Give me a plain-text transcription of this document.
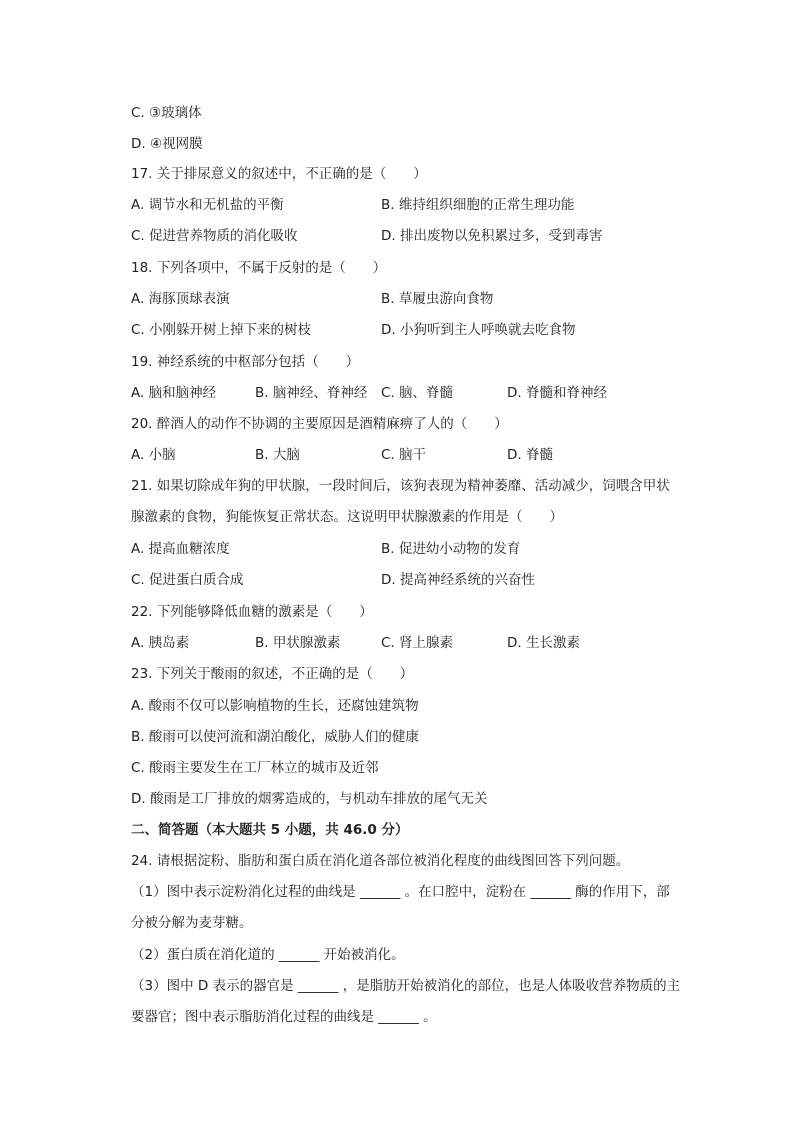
C. ③玻璃体
D. ④视网膜
17. 关于排尿意义的叙述中，不正确的是（　　）
A. 调节水和无机盐的平衡	B. 维持组织细胞的正常生理功能
C. 促进营养物质的消化吸收	D. 排出废物以免积累过多，受到毒害
18. 下列各项中，不属于反射的是（　　）
A. 海豚顶球表演	B. 草履虫游向食物
C. 小刚躲开树上掉下来的树枝	D. 小狗听到主人呼唤就去吃食物
19. 神经系统的中枢部分包括（　　）
A. 脑和脑神经	B. 脑神经、脊神经 C. 脑、脊髓	D. 脊髓和脊神经
20. 醉酒人的动作不协调的主要原因是酒精麻痹了人的（　　）
A. 小脑	B. 大脑	C. 脑干	D. 脊髓
21. 如果切除成年狗的甲状腺，一段时间后，该狗表现为精神萎靡、活动减少，饲喂含甲状
腺激素的食物，狗能恢复正常状态。这说明甲状腺激素的作用是（　　）
A. 提高血糖浓度	B. 促进幼小动物的发育
C. 促进蛋白质合成	D. 提高神经系统的兴奋性
22. 下列能够降低血糖的激素是（　　）
A. 胰岛素	B. 甲状腺激素	C. 肾上腺素	D. 生长激素
23. 下列关于酸雨的叙述，不正确的是（　　）
A. 酸雨不仅可以影响植物的生长，还腐蚀建筑物
B. 酸雨可以使河流和湖泊酸化，威胁人们的健康
C. 酸雨主要发生在工厂林立的城市及近邻
D. 酸雨是工厂排放的烟雾造成的，与机动车排放的尾气无关
二、简答题（本大题共 5 小题，共 46.0 分）
24. 请根据淀粉、脂肪和蛋白质在消化道各部位被消化程度的曲线图回答下列问题。
（1）图中表示淀粉消化过程的曲线是 ______ 。在口腔中，淀粉在 ______ 酶的作用下，部
分被分解为麦芽糖。
（2）蛋白质在消化道的 ______ 开始被消化。
（3）图中 D 表示的器官是 ______ ，是脂肪开始被消化的部位，也是人体吸收营养物质的主
要器官；图中表示脂肪消化过程的曲线是 ______ 。
